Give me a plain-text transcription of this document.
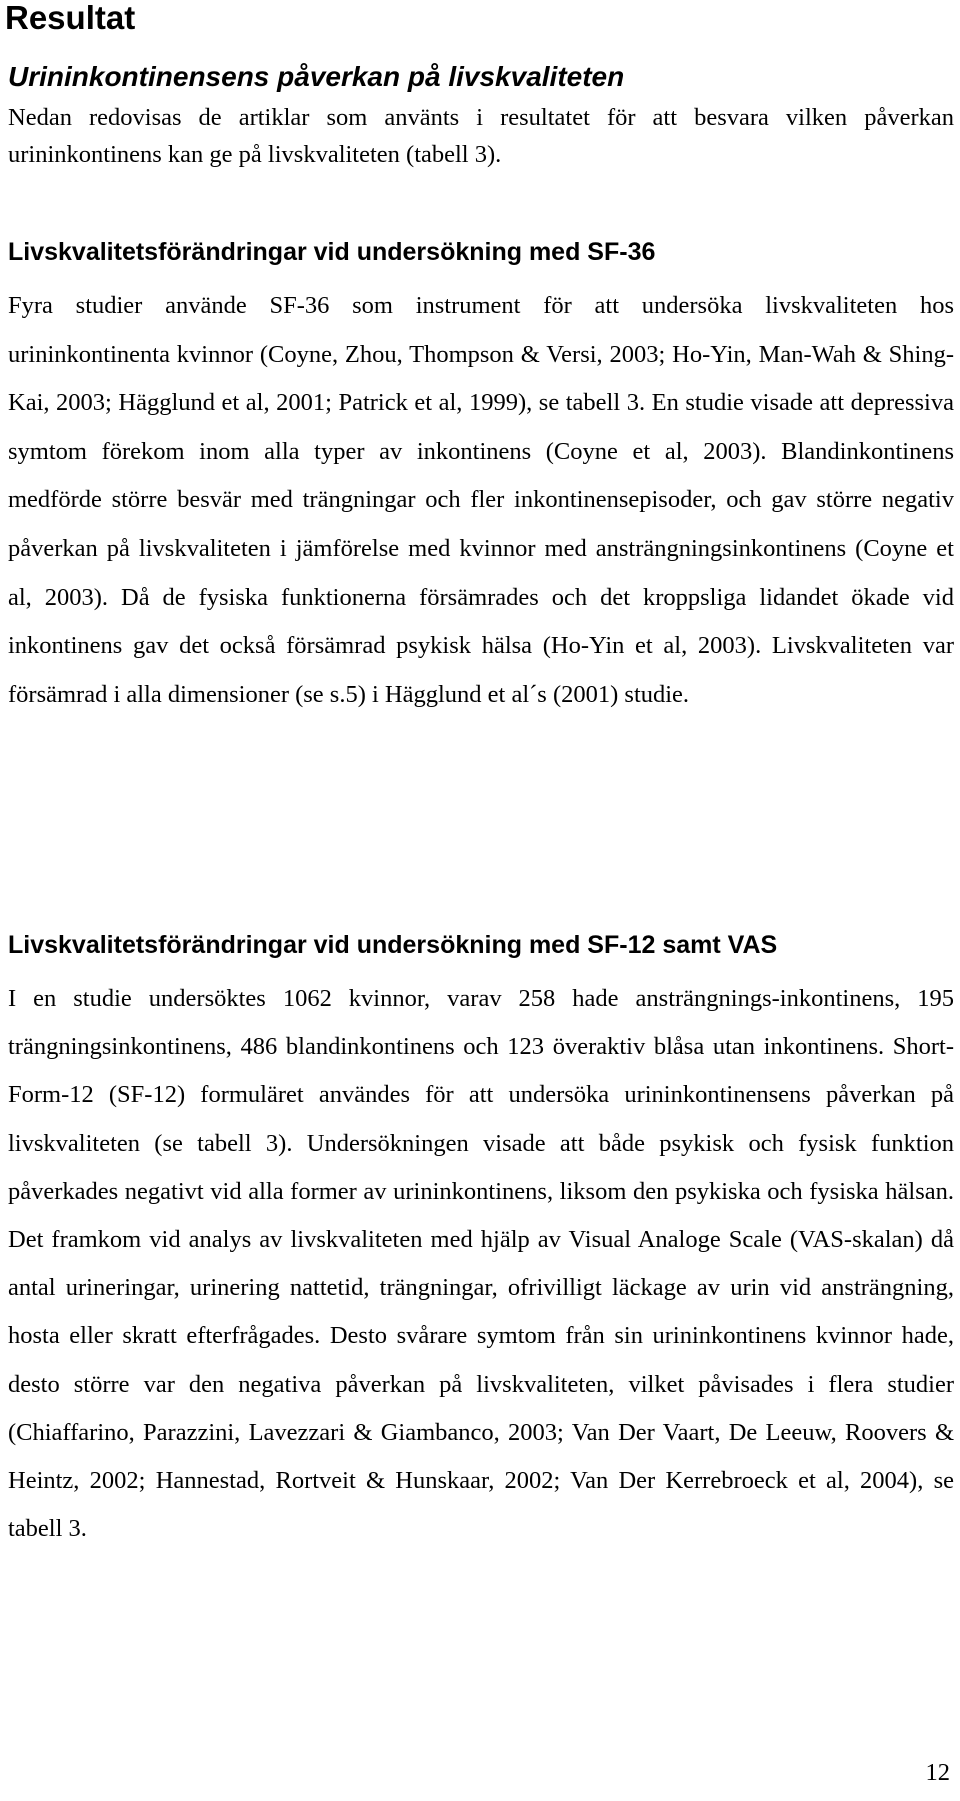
Resultat
Urininkontinensens påverkan på livskvaliteten

Nedan redovisas de artiklar som använts i resultatet för att besvara vilken påverkan urininkontinens kan ge på livskvaliteten (tabell 3).

Livskvalitetsförändringar vid undersökning med SF-36

Fyra studier använde SF-36 som instrument för att undersöka livskvaliteten hos urininkontinenta kvinnor (Coyne, Zhou, Thompson & Versi, 2003; Ho-Yin, Man-Wah & Shing-Kai, 2003; Hägglund et al, 2001; Patrick et al, 1999), se tabell 3. En studie visade att depressiva symtom förekom inom alla typer av inkontinens (Coyne et al, 2003). Blandinkontinens medförde större besvär med trängningar och fler inkontinensepisoder, och gav större negativ påverkan på livskvaliteten i jämförelse med kvinnor med ansträngningsinkontinens (Coyne et al, 2003). Då de fysiska funktionerna försämrades och det kroppsliga lidandet ökade vid inkontinens gav det också försämrad psykisk hälsa (Ho-Yin et al, 2003). Livskvaliteten var försämrad i alla dimensioner (se s.5) i Hägglund et al´s (2001) studie.

Livskvalitetsförändringar vid undersökning med SF-12 samt VAS

I en studie undersöktes 1062 kvinnor, varav 258 hade ansträngnings-inkontinens, 195 trängningsinkontinens, 486 blandinkontinens och 123 överaktiv blåsa utan inkontinens. Short-Form-12 (SF-12) formuläret användes för att undersöka urininkontinensens påverkan på livskvaliteten (se tabell 3). Undersökningen visade att både psykisk och fysisk funktion påverkades negativt vid alla former av urininkontinens, liksom den psykiska och fysiska hälsan. Det framkom vid analys av livskvaliteten med hjälp av Visual Analoge Scale (VAS-skalan) då antal urineringar, urinering nattetid, trängningar, ofrivilligt läckage av urin vid ansträngning, hosta eller skratt efterfrågades. Desto svårare symtom från sin urininkontinens kvinnor hade, desto större var den negativa påverkan på livskvaliteten, vilket påvisades i flera studier (Chiaffarino, Parazzini, Lavezzari & Giambanco, 2003; Van Der Vaart, De Leeuw, Roovers & Heintz, 2002; Hannestad, Rortveit & Hunskaar, 2002; Van Der Kerrebroeck et al, 2004), se tabell 3.

12
